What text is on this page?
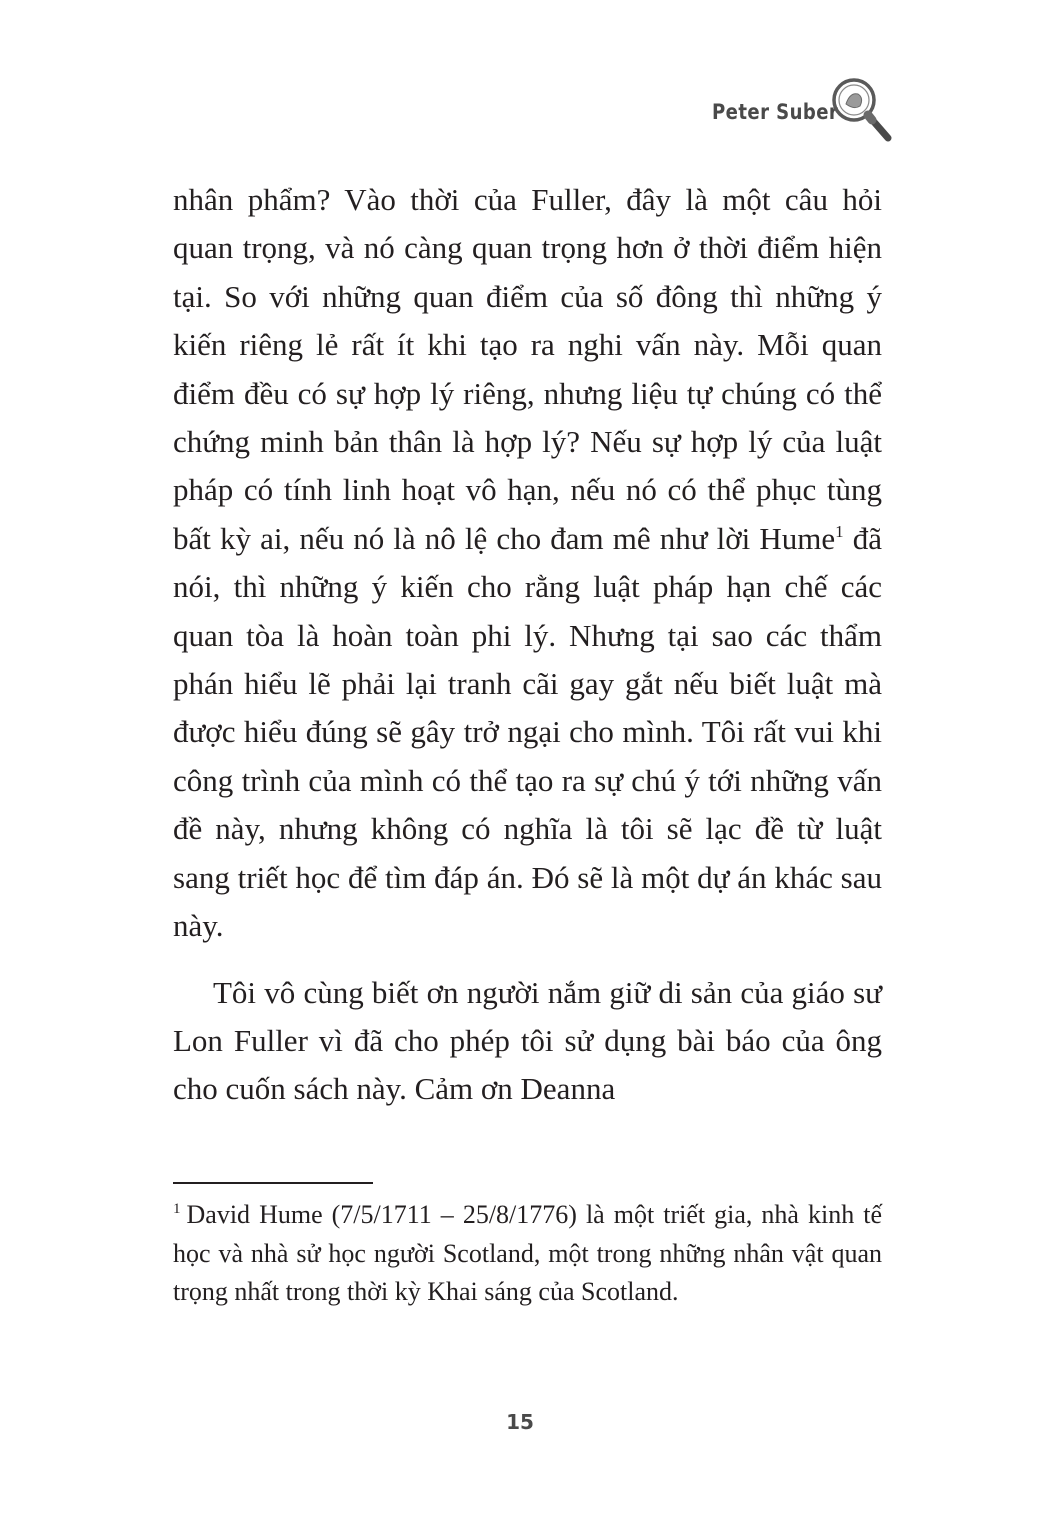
Peter Suber

nhân phẩm? Vào thời của Fuller, đây là một câu hỏi quan trọng, và nó càng quan trọng hơn ở thời điểm hiện tại. So với những quan điểm của số đông thì những ý kiến riêng lẻ rất ít khi tạo ra nghi vấn này. Mỗi quan điểm đều có sự hợp lý riêng, nhưng liệu tự chúng có thể chứng minh bản thân là hợp lý? Nếu sự hợp lý của luật pháp có tính linh hoạt vô hạn, nếu nó có thể phục tùng bất kỳ ai, nếu nó là nô lệ cho đam mê như lời Hume$^1$ đã nói, thì những ý kiến cho rằng luật pháp hạn chế các quan tòa là hoàn toàn phi lý. Nhưng tại sao các thẩm phán hiểu lẽ phải lại tranh cãi gay gắt nếu biết luật mà được hiểu đúng sẽ gây trở ngại cho mình. Tôi rất vui khi công trình của mình có thể tạo ra sự chú ý tới những vấn đề này, nhưng không có nghĩa là tôi sẽ lạc đề từ luật sang triết học để tìm đáp án. Đó sẽ là một dự án khác sau này.

Tôi vô cùng biết ơn người nắm giữ di sản của giáo sư Lon Fuller vì đã cho phép tôi sử dụng bài báo của ông cho cuốn sách này. Cảm ơn Deanna

$^1$ David Hume (7/5/1711 – 25/8/1776) là một triết gia, nhà kinh tế học và nhà sử học người Scotland, một trong những nhân vật quan trọng nhất trong thời kỳ Khai sáng của Scotland.
15
